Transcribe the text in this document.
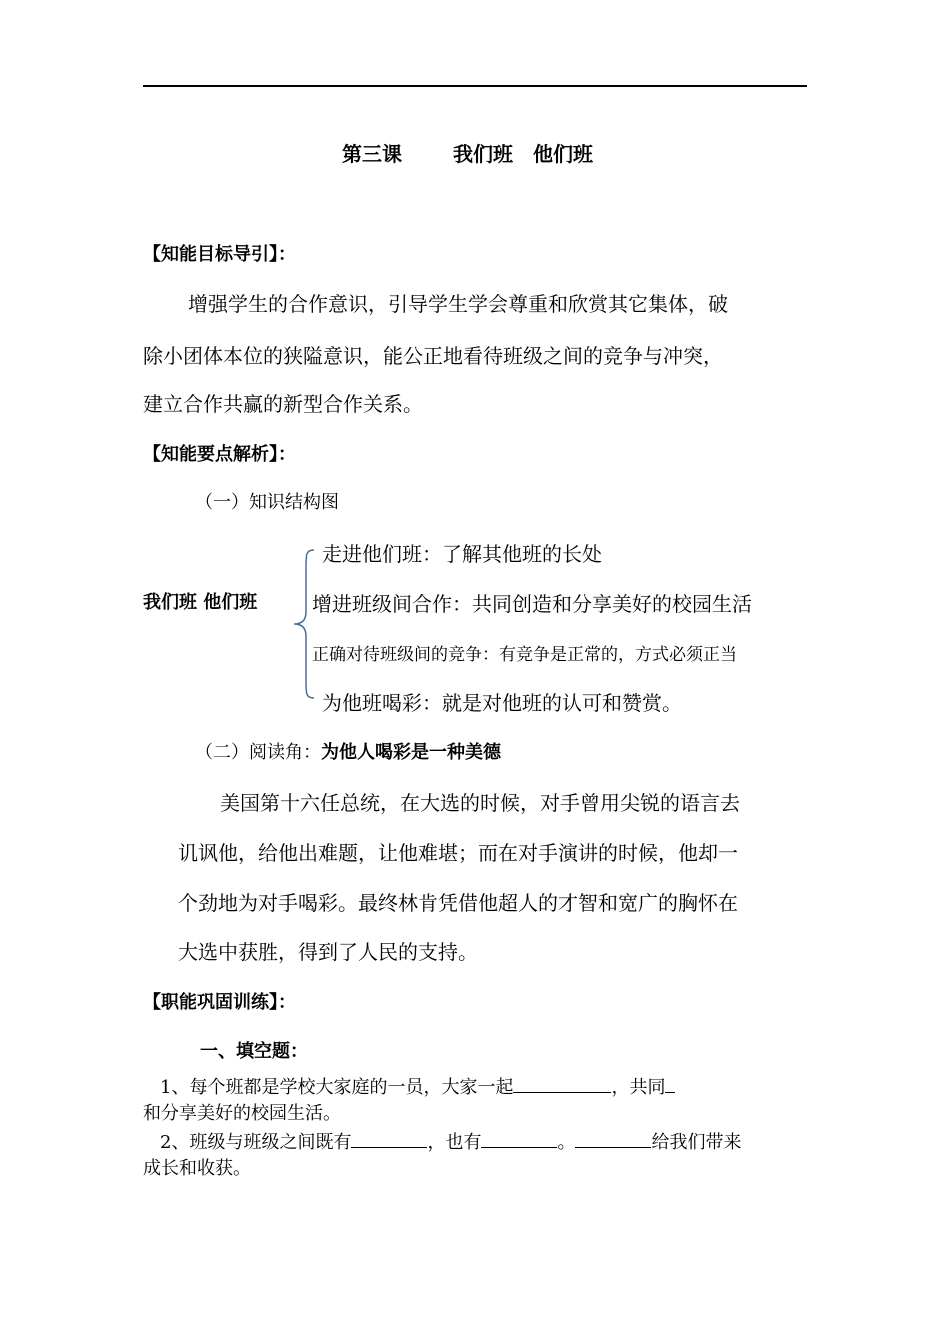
第三课	我们班　他们班
【知能目标导引】：
增强学生的合作意识，引导学生学会尊重和欣赏其它集体，破
除小团体本位的狭隘意识，能公正地看待班级之间的竞争与冲突，
建立合作共赢的新型合作关系。
【知能要点解析】：
（一）知识结构图
我们班 他们班
走进他们班：了解其他班的长处
增进班级间合作：共同创造和分享美好的校园生活
正确对待班级间的竞争：有竞争是正常的，方式必须正当
为他班喝彩：就是对他班的认可和赞赏。
（二）阅读角：为他人喝彩是一种美德
美国第十六任总统，在大选的时候，对手曾用尖锐的语言去
讥讽他，给他出难题，让他难堪；而在对手演讲的时候，他却一
个劲地为对手喝彩。最终林肯凭借他超人的才智和宽广的胸怀在
大选中获胜，得到了人民的支持。
【职能巩固训练】：
一、填空题：
1、每个班都是学校大家庭的一员，大家一起	，共同
和分享美好的校园生活。
2、班级与班级之间既有	，也有	。	给我们带来
成长和收获。
